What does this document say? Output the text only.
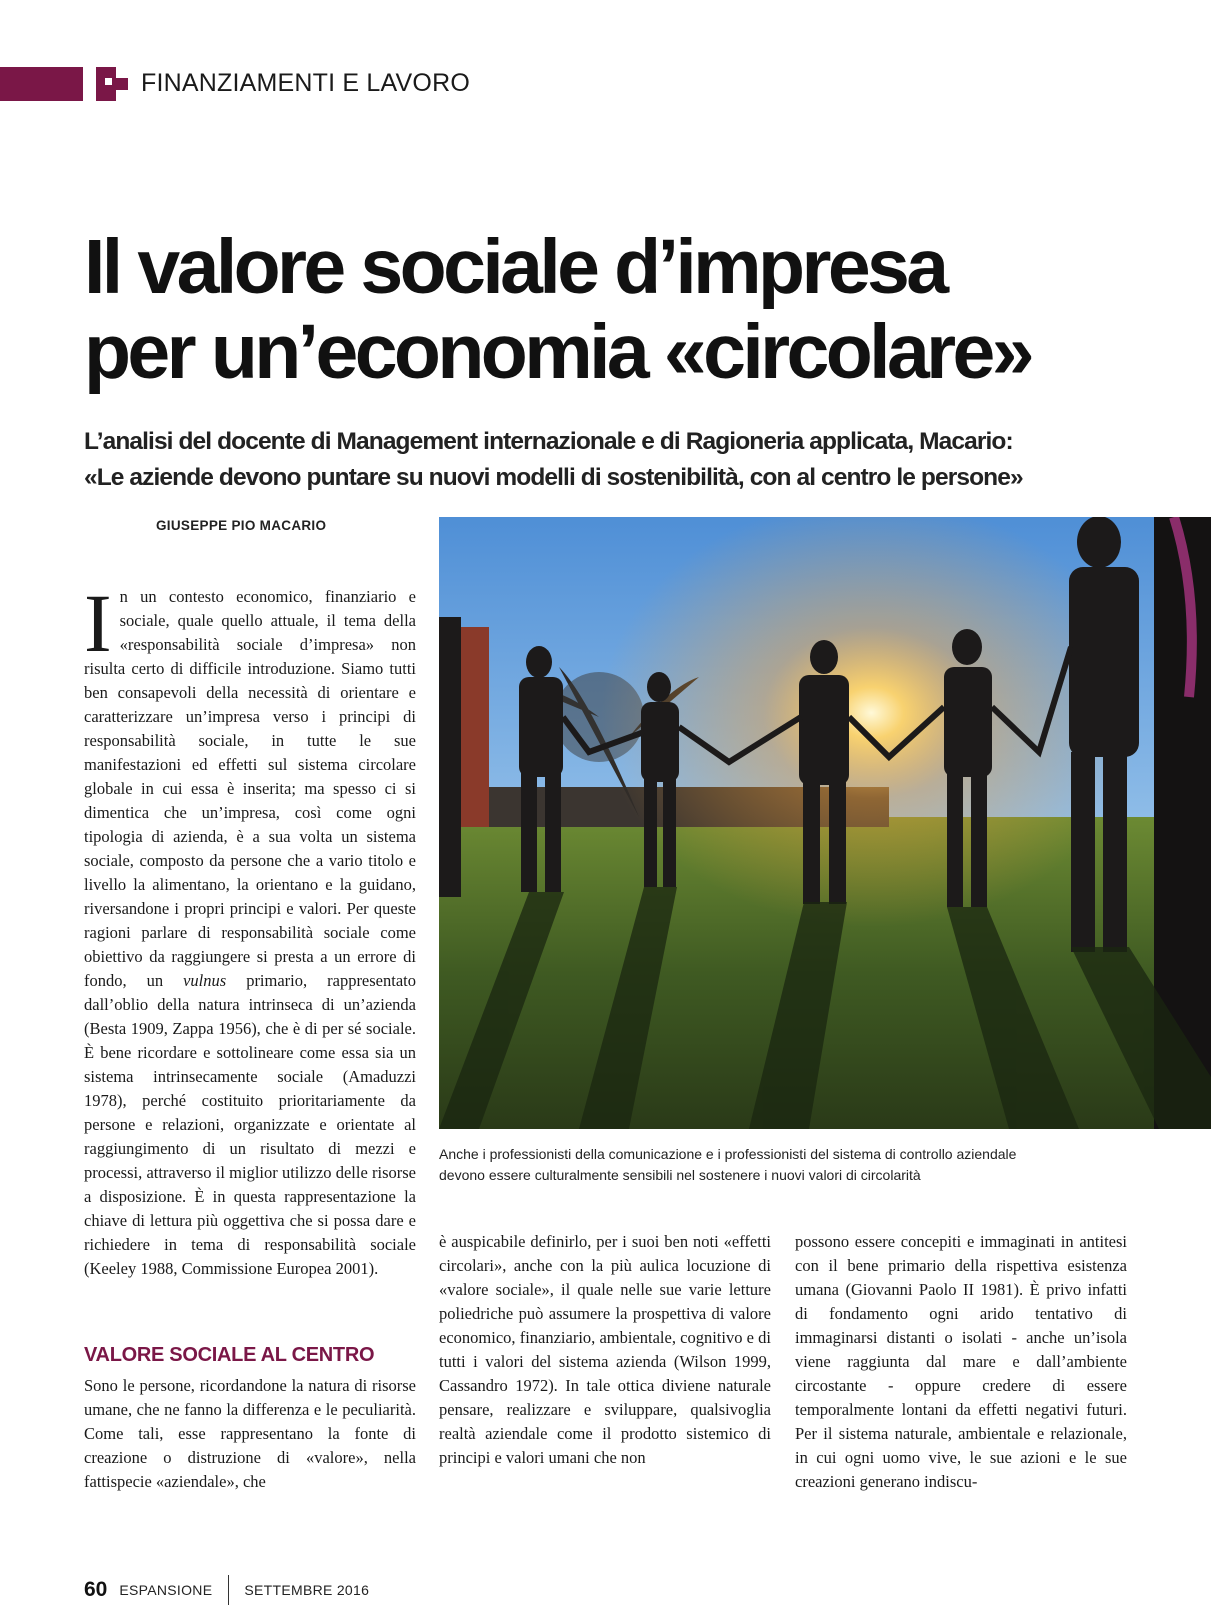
FINANZIAMENTI E LAVORO
Il valore sociale d’impresa
per un’economia «circolare»
L’analisi del docente di Management internazionale e di Ragioneria applicata, Macario:
«Le aziende devono puntare su nuovi modelli di sostenibilità, con al centro le persone»
GIUSEPPE PIO MACARIO

In un contesto economico, finanziario e sociale, quale quello attuale, il tema della «responsabilità sociale d’impresa» non risulta certo di difficile introduzione. Siamo tutti ben consapevoli della necessità di orientare e caratterizzare un’impresa verso i principi di responsabilità sociale, in tutte le sue manifestazioni ed effetti sul sistema circolare globale in cui essa è inserita; ma spesso ci si dimentica che un’impresa, così come ogni tipologia di azienda, è a sua volta un sistema sociale, composto da persone che a vario titolo e livello la alimentano, la orientano e la guidano, riversandone i propri principi e valori. Per queste ragioni parlare di responsabilità sociale come obiettivo da raggiungere si presta a un errore di fondo, un vulnus primario, rappresentato dall’oblio della natura intrinseca di un’azienda (Besta 1909, Zappa 1956), che è di per sé sociale. È bene ricordare e sottolineare come essa sia un sistema intrinsecamente sociale (Amaduzzi 1978), perché costituito prioritariamente da persone e relazioni, organizzate e orientate al raggiungimento di un risultato di mezzi e processi, attraverso il miglior utilizzo delle risorse a disposizione. È in questa rappresentazione la chiave di lettura più oggettiva che si possa dare e richiedere in tema di responsabilità sociale (Keeley 1988, Commissione Europea 2001).

VALORE SOCIALE AL CENTRO

Sono le persone, ricordandone la natura di risorse umane, che ne fanno la differenza e le peculiarità. Come tali, esse rappresentano la fonte di creazione o distruzione di «valore», nella fattispecie «aziendale», che

Anche i professionisti della comunicazione e i professionisti del sistema di controllo aziendale
devono essere culturalmente sensibili nel sostenere i nuovi valori di circolarità

è auspicabile definirlo, per i suoi ben noti «effetti circolari», anche con la più aulica locuzione di «valore sociale», il quale nelle sue varie letture poliedriche può assumere la prospettiva di valore economico, finanziario, ambientale, cognitivo e di tutti i valori del sistema azienda (Wilson 1999, Cassandro 1972). In tale ottica diviene naturale pensare, realizzare e sviluppare, qualsivoglia realtà aziendale come il prodotto sistemico di principi e valori umani che non

possono essere concepiti e immaginati in antitesi con il bene primario della rispettiva esistenza umana (Giovanni Paolo II 1981). È privo infatti di fondamento ogni arido tentativo di immaginarsi distanti o isolati - anche un’isola viene raggiunta dal mare e dall’ambiente circostante - oppure credere di essere temporalmente lontani da effetti negativi futuri. Per il sistema naturale, ambientale e relazionale, in cui ogni uomo vive, le sue azioni e le sue creazioni generano indiscu-

60 ESPANSIONE SETTEMBRE 2016
